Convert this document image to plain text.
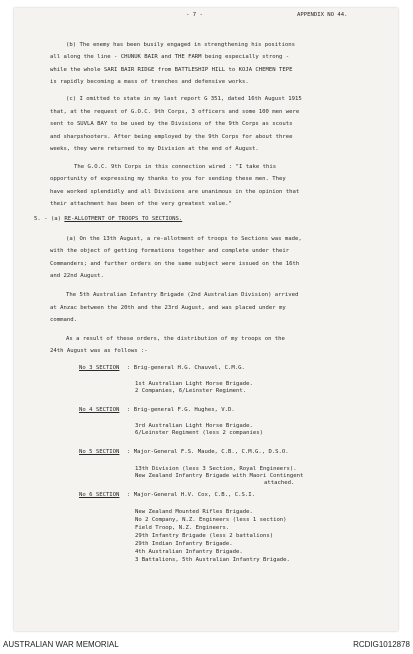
- 7 -	APPENDIX NO 44.
(b) The enemy has been busily engaged in strengthening his positions
all along the line - CHUNUK BAIR and THE FARM being especially strong -
while the whole SARI BAIR RIDGE from BATTLESHIP HILL to KOJA CHEMEN TEPE
is rapidly becoming a mass of trenches and defensive works.
(c) I omitted to state in my last report G 351, dated 16th August 1915
that, at the request of G.O.C. 9th Corps, 3 officers and some 100 men were
sent to SUVLA BAY to be used by the Divisions of the 9th Corps as scouts
and sharpshooters. After being employed by the 9th Corps for about three
weeks, they were returned to my Division at the end of August.
The G.O.C. 9th Corps in this connection wired : "I take this
opportunity of expressing my thanks to you for sending these men. They
have worked splendidly and all Divisions are unanimous in the opinion that
their attachment has been of the very greatest value."
5. - (a) RE-ALLOTMENT OF TROOPS TO SECTIONS.
(a) On the 13th August, a re-allotment of troops to Sections was made,
with the object of getting formations together and complete under their
Commanders; and further orders on the same subject were issued on the 16th
and 22nd August.
The 5th Australian Infantry Brigade (2nd Australian Division) arrived
at Anzac between the 20th and the 23rd August, and was placed under my
command.
As a result of these orders, the distribution of my troops on the
24th August was as follows :-
No 3 SECTION : Brig-general H.G. Chauvel, C.M.G.
1st Australian Light Horse Brigade.
2 Companies, 6/Leinster Regiment.
No 4 SECTION : Brig-general F.G. Hughes, V.D.
3rd Australian Light Horse Brigade.
6/Leinster Regiment (less 2 companies)
No 5 SECTION : Major-General F.S. Maude, C.B., C.M.G., D.S.O.
13th Division (less 3 Section, Royal Engineers).
New Zealand Infantry Brigade with Maori Contingent
attached.
No 6 SECTION : Major-General H.V. Cox, C.B., C.S.I.
New Zealand Mounted Rifles Brigade.
No 2 Company, N.Z. Engineers (less 1 section)
Field Troop, N.Z. Engineers.
29th Infantry Brigade (less 2 battalions)
29th Indian Infantry Brigade.
4th Australian Infantry Brigade.
3 Battalions, 5th Australian Infantry Brigade.
AUSTRALIAN WAR MEMORIAL	RCDIG1012878
